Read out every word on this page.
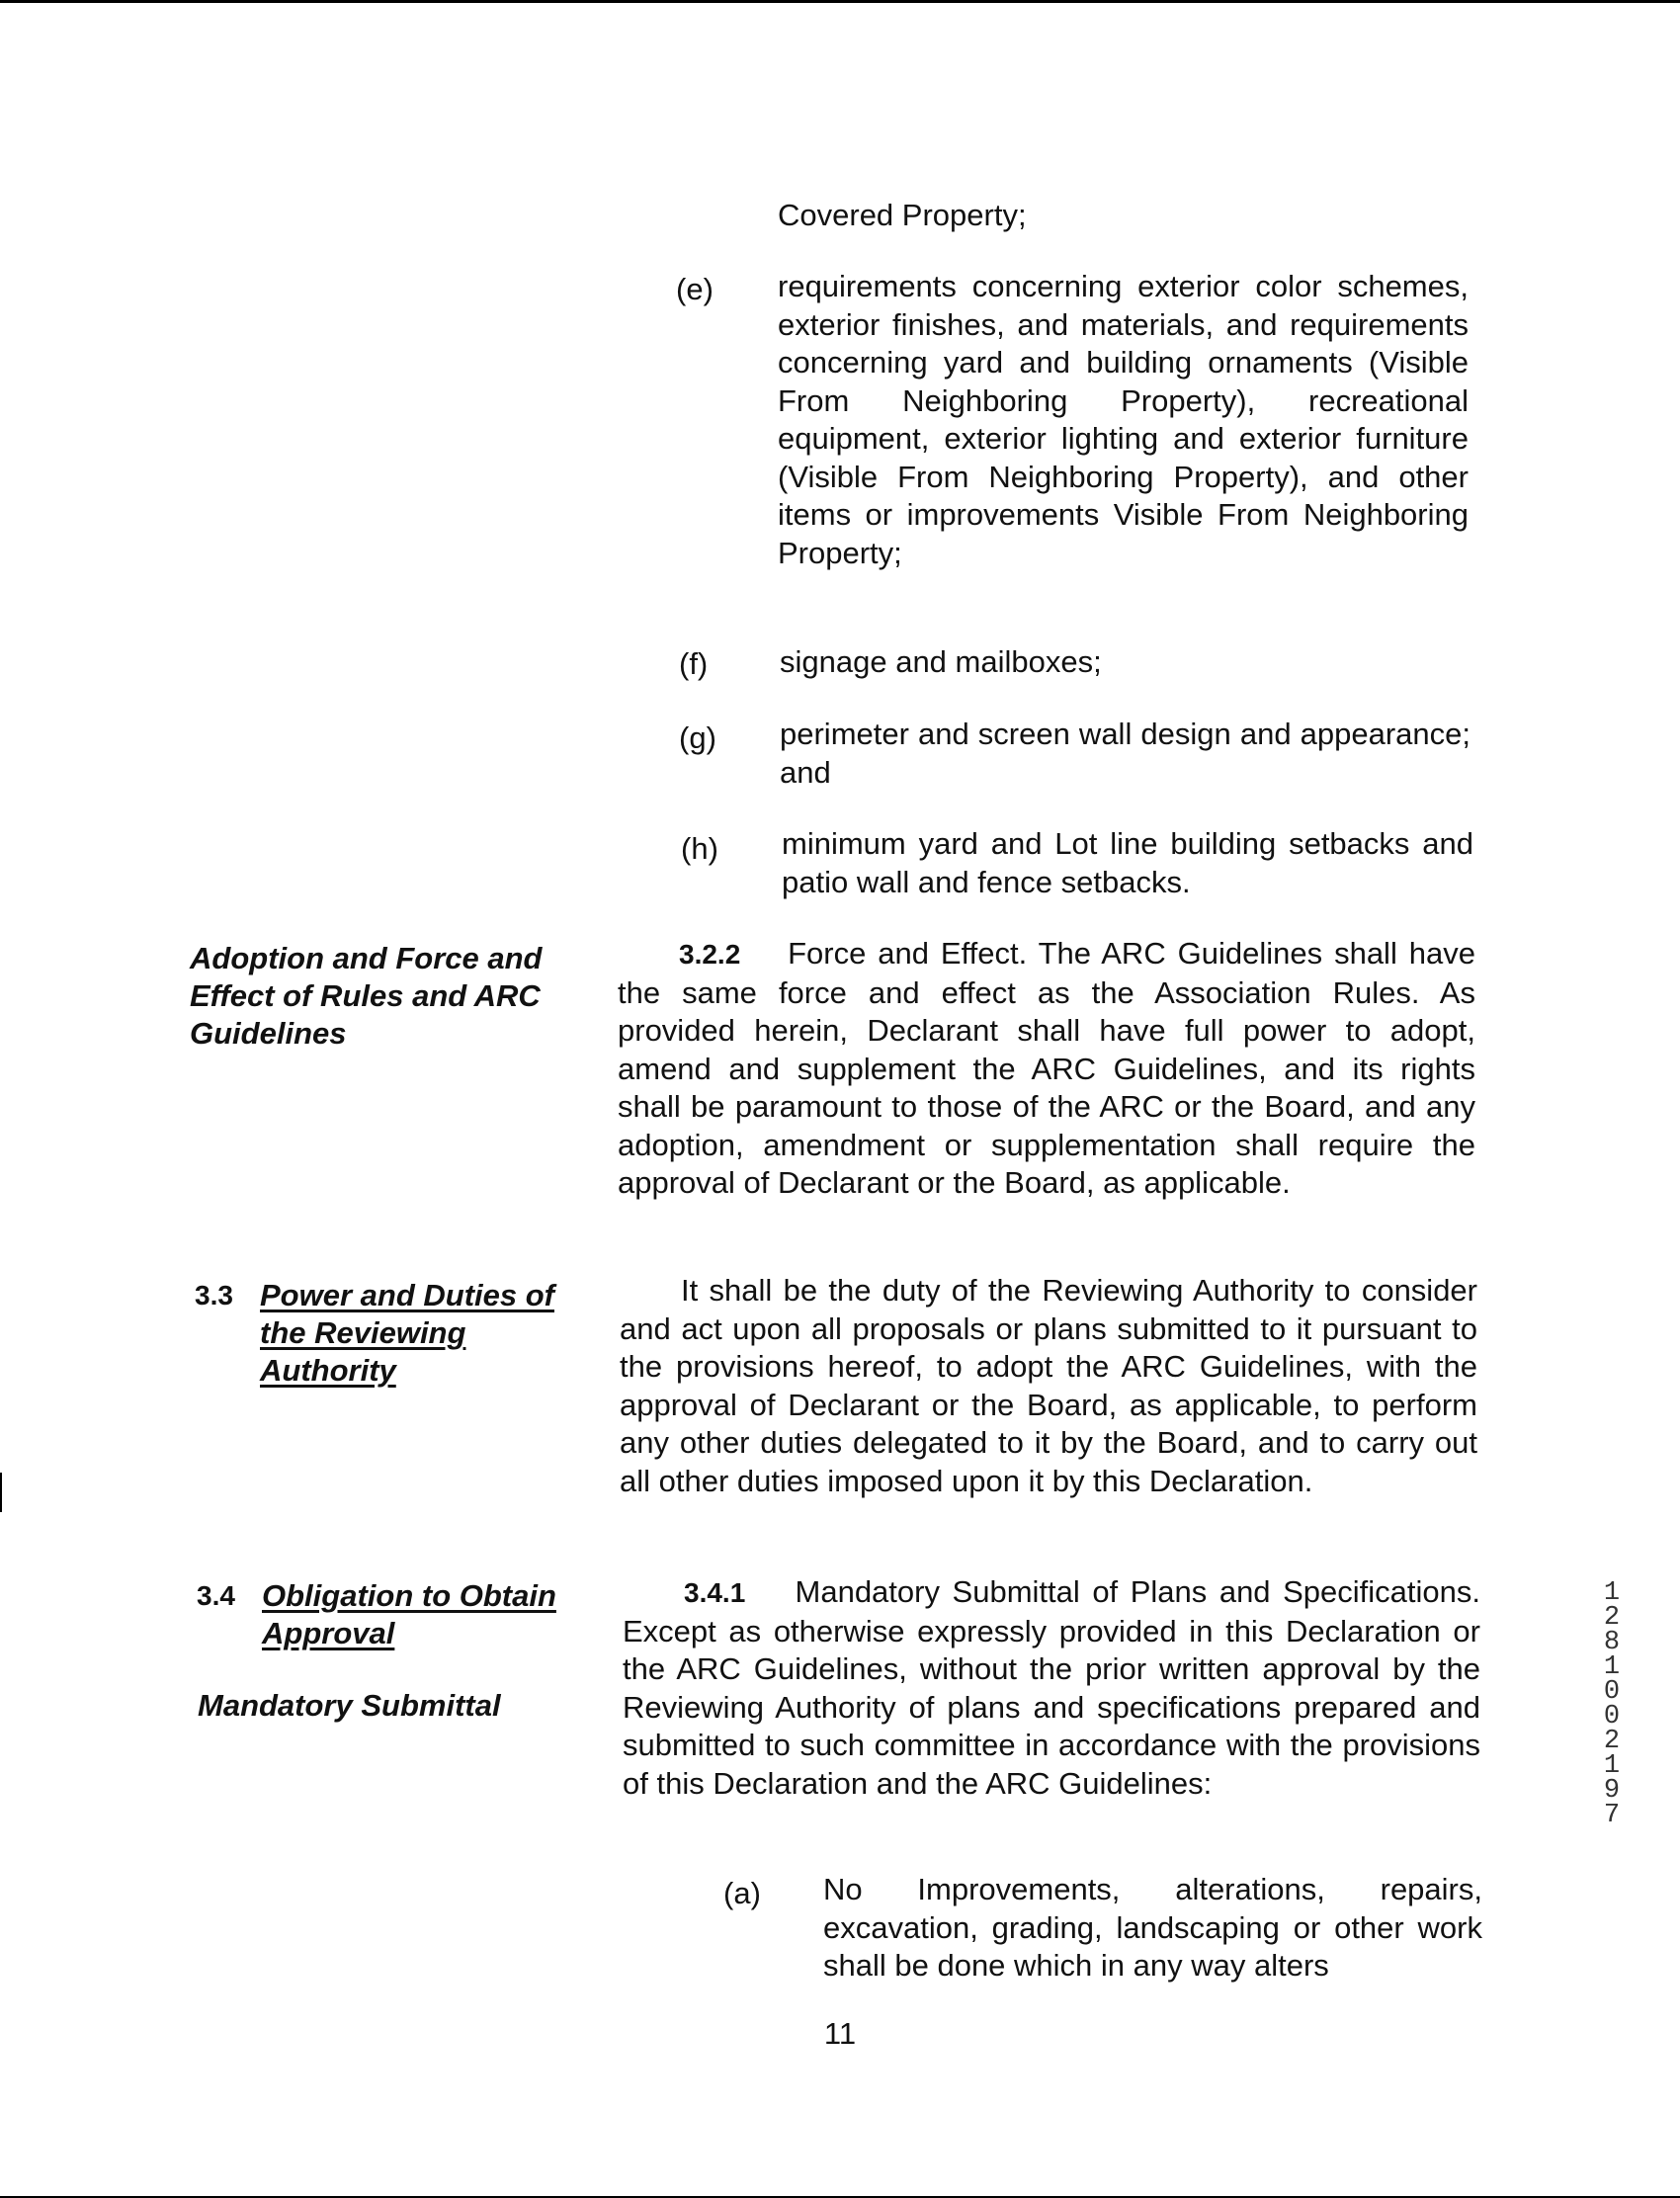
Covered Property;

(e) requirements concerning exterior color schemes, exterior finishes, and materials, and requirements concerning yard and building ornaments (Visible From Neighboring Property), recreational equipment, exterior lighting and exterior furniture (Visible From Neighboring Property), and other items or improvements Visible From Neighboring Property;

(f) signage and mailboxes;

(g) perimeter and screen wall design and appearance; and

(h) minimum yard and Lot line building setbacks and patio wall and fence setbacks.

Adoption and Force and Effect of Rules and ARC Guidelines

3.2.2 Force and Effect. The ARC Guidelines shall have the same force and effect as the Association Rules. As provided herein, Declarant shall have full power to adopt, amend and supplement the ARC Guidelines, and its rights shall be paramount to those of the ARC or the Board, and any adoption, amendment or supplementation shall require the approval of Declarant or the Board, as applicable.

3.3 Power and Duties of the Reviewing Authority

It shall be the duty of the Reviewing Authority to consider and act upon all proposals or plans submitted to it pursuant to the provisions hereof, to adopt the ARC Guidelines, with the approval of Declarant or the Board, as applicable, to perform any other duties delegated to it by the Board, and to carry out all other duties imposed upon it by this Declaration.

3.4 Obligation to Obtain Approval

Mandatory Submittal

3.4.1 Mandatory Submittal of Plans and Specifications. Except as otherwise expressly provided in this Declaration or the ARC Guidelines, without the prior written approval by the Reviewing Authority of plans and specifications prepared and submitted to such committee in accordance with the provisions of this Declaration and the ARC Guidelines:

(a) No Improvements, alterations, repairs, excavation, grading, landscaping or other work shall be done which in any way alters

12810 02197
11
